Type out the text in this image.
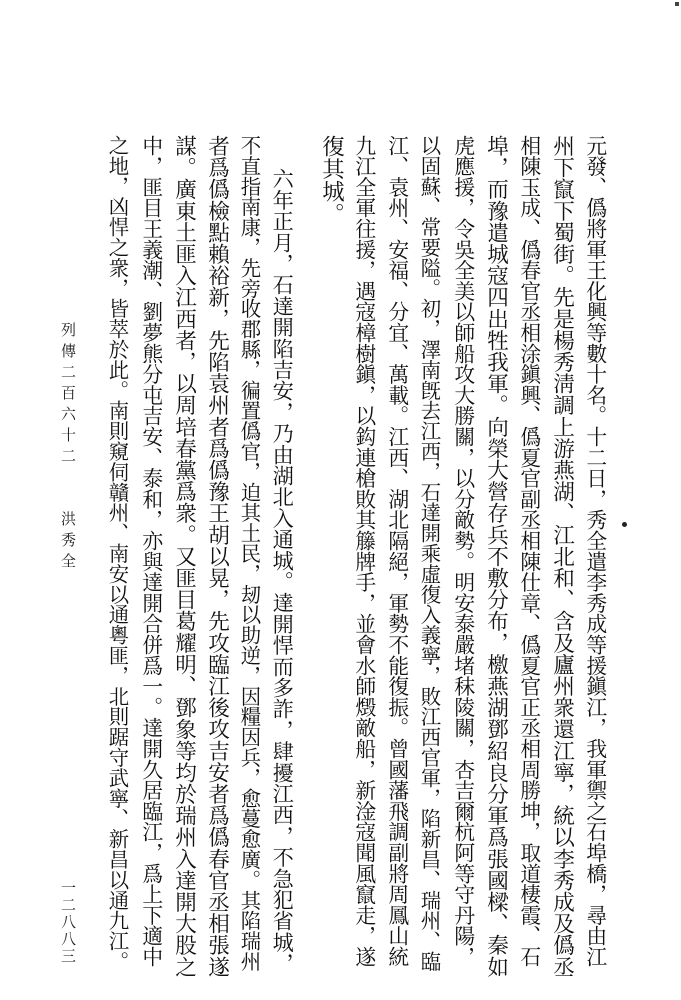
元發、僞將軍王化興等數十名。十二日，秀全遣李秀成等援鎭江，我軍禦之石埠橋，尋由江
州下竄下蜀街。先是楊秀淸調上游燕湖、江北和、含及廬州衆還江寧，統以李秀成及僞丞
相陳玉成、僞春官丞相涂鎭興、僞夏官副丞相陳仕章、僞夏官正丞相周勝坤，取道棲霞、石
埠，而豫遣城寇四出牲我軍。向榮大營存兵不敷分布，檄燕湖鄧紹良分軍爲張國樑、秦如
虎應援，令吳全美以師船攻大勝關，以分敵勢。明安泰嚴堵秣陵關，杏吉爾杭阿等守丹陽，
以固蘇、常要隘。初，澤南旣去江西，石達開乘虛復入義寧，敗江西官軍，陷新昌、瑞州、臨
江、袁州、安福、分宜、萬載。江西、湖北隔絕，軍勢不能復振。曾國藩飛調副將周鳳山統
九江全軍往援，遇寇樟樹鎭，以鈎連槍敗其籐牌手，並會水師燬敵船，新淦寇聞風竄走，遂
復其城。
六年正月，石達開陷吉安，乃由湖北入通城。達開悍而多詐，肆擾江西，不急犯省城，
不直指南康，先旁收郡縣，徧置僞官，迫其土民，刼以助逆，因糧因兵，愈蔓愈廣。其陷瑞州
者爲僞檢點賴裕新，先陷袁州者爲僞豫王胡以晃，先攻臨江後攻吉安者爲僞春官丞相張遂
謀。廣東土匪入江西者，以周培春黨爲衆。又匪目葛耀明、鄧象等均於瑞州入達開大股之
中，匪目王義潮、劉夢熊分屯吉安、泰和，亦與達開合併爲一。達開久居臨江，爲上下適中
之地，凶悍之衆，皆萃於此。南則窺伺贛州、南安以通粵匪，北則踞守武寧、新昌以通九江。
列傳二百六十二　　洪秀全
一二八八三
